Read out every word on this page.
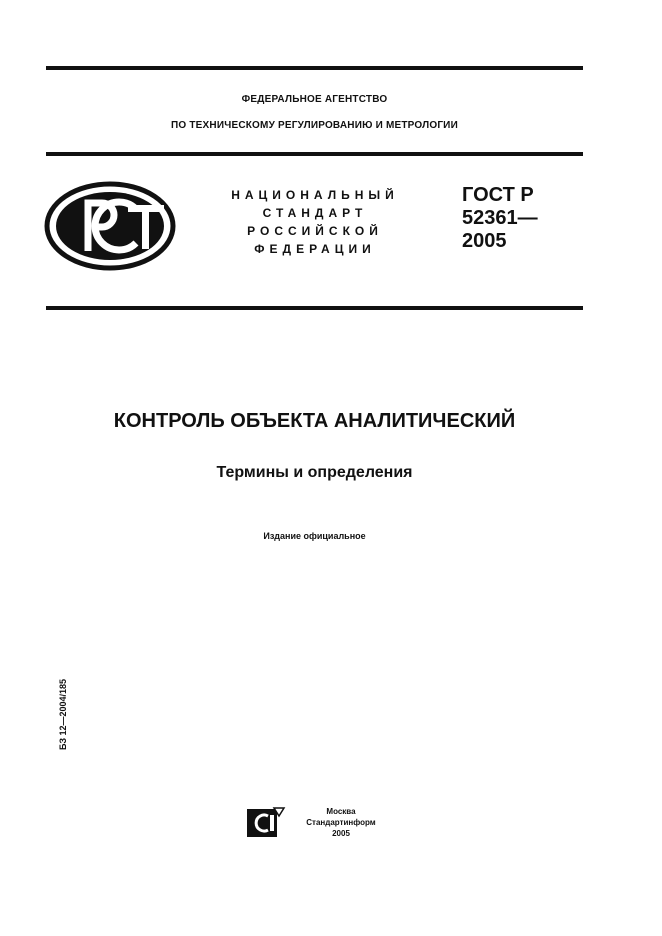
ФЕДЕРАЛЬНОЕ АГЕНТСТВО
ПО ТЕХНИЧЕСКОМУ РЕГУЛИРОВАНИЮ И МЕТРОЛОГИИ
НАЦИОНАЛЬНЫЙ
СТАНДАРТ
РОССИЙСКОЙ
ФЕДЕРАЦИИ
ГОСТ Р
52361—
2005
КОНТРОЛЬ ОБЪЕКТА АНАЛИТИЧЕСКИЙ
Термины и определения
Издание официальное
БЗ 12—2004/185
Москва
Стандартинформ
2005
